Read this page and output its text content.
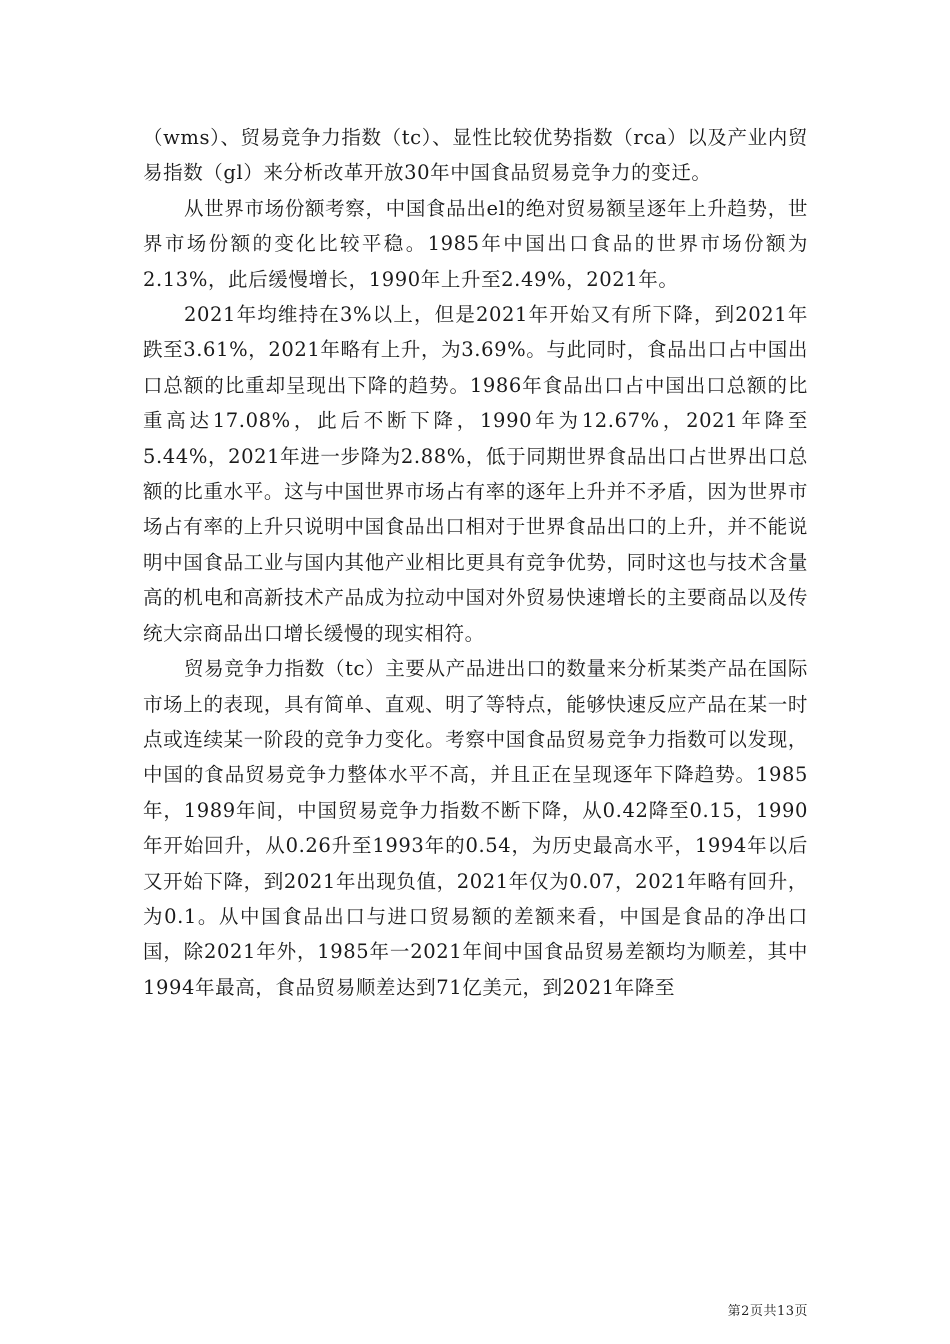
（wms）、贸易竞争力指数（tc）、显性比较优势指数（rca）以及产业内贸易指数（gl）来分析改革开放30年中国食品贸易竞争力的变迁。

从世界市场份额考察，中国食品出el的绝对贸易额呈逐年上升趋势，世界市场份额的变化比较平稳。1985年中国出口食品的世界市场份额为2.13%，此后缓慢增长，1990年上升至2.49%，2021年。

2021年均维持在3%以上，但是2021年开始又有所下降，到2021年跌至3.61%，2021年略有上升，为3.69%。与此同时，食品出口占中国出口总额的比重却呈现出下降的趋势。1986年食品出口占中国出口总额的比重高达17.08%，此后不断下降，1990年为12.67%，2021年降至5.44%，2021年进一步降为2.88%，低于同期世界食品出口占世界出口总额的比重水平。这与中国世界市场占有率的逐年上升并不矛盾，因为世界市场占有率的上升只说明中国食品出口相对于世界食品出口的上升，并不能说明中国食品工业与国内其他产业相比更具有竞争优势，同时这也与技术含量高的机电和高新技术产品成为拉动中国对外贸易快速增长的主要商品以及传统大宗商品出口增长缓慢的现实相符。

贸易竞争力指数（tc）主要从产品进出口的数量来分析某类产品在国际市场上的表现，具有简单、直观、明了等特点，能够快速反应产品在某一时点或连续某一阶段的竞争力变化。考察中国食品贸易竞争力指数可以发现，中国的食品贸易竞争力整体水平不高，并且正在呈现逐年下降趋势。1985年，1989年间，中国贸易竞争力指数不断下降，从0.42降至0.15，1990年开始回升，从0.26升至1993年的0.54，为历史最高水平，1994年以后又开始下降，到2021年出现负值，2021年仅为0.07，2021年略有回升，为0.1。从中国食品出口与进口贸易额的差额来看，中国是食品的净出口国，除2021年外，1985年一2021年间中国食品贸易差额均为顺差，其中1994年最高，食品贸易顺差达到71亿美元，到2021年降至

第2页共13页
